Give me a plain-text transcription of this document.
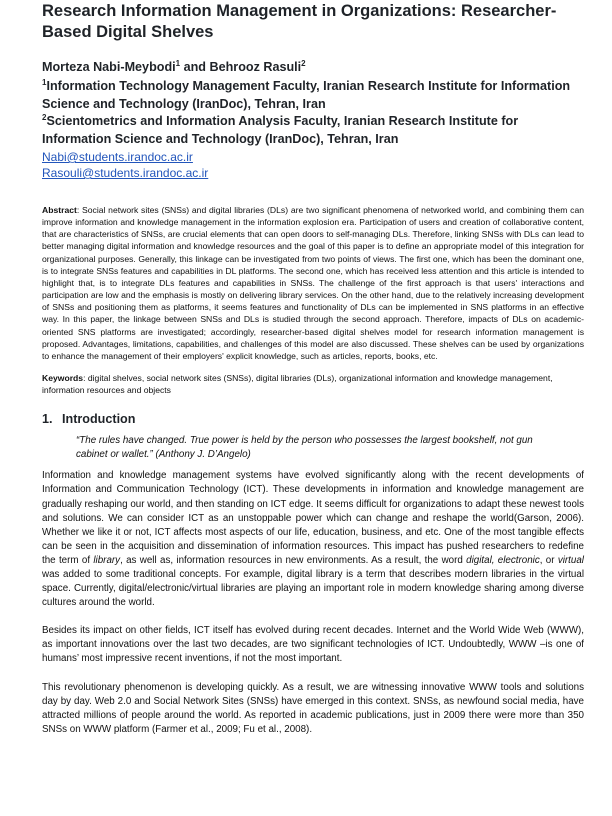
Research Information Management in Organizations: Researcher-
Based Digital Shelves
Morteza Nabi-Meybodi$^1$ and Behrooz Rasuli$^2$
$^1$Information Technology Management Faculty, Iranian Research Institute for Information
Science and Technology (IranDoc), Tehran, Iran
$^2$Scientometrics and Information Analysis Faculty, Iranian Research Institute for
Information Science and Technology (IranDoc), Tehran, Iran
Nabi@students.irandoc.ac.ir
Rasouli@students.irandoc.ac.ir
Abstract: Social network sites (SNSs) and digital libraries (DLs) are two significant phenomena of networked world, and combining them can improve information and knowledge management in the information explosion era. Participation of users and creation of collaborative content, that are characteristics of SNSs, are crucial elements that can open doors to self-managing DLs. Therefore, linking SNSs with DLs can lead to better managing digital information and knowledge resources and the goal of this paper is to define an appropriate model of this integration for organizational purposes. Generally, this linkage can be investigated from two points of views. The first one, which has been the dominant one, is to integrate SNSs features and capabilities in DL platforms. The second one, which has received less attention and this article is intended to highlight that, is to integrate DLs features and capabilities in SNSs. The challenge of the first approach is that users' interactions and participation are low and the emphasis is mostly on delivering library services. On the other hand, due to the relatively increasing development of SNSs and positioning them as platforms, it seems features and functionality of DLs can be implemented in SNS platforms in an effective way. In this paper, the linkage between SNSs and DLs is studied through the second approach. Therefore, impacts of DLs on academic-oriented SNS platforms are investigated; accordingly, researcher-based digital shelves model for research information management is proposed. Advantages, limitations, capabilities, and challenges of this model are also discussed. These shelves can be used by organizations to enhance the management of their employers' explicit knowledge, such as articles, reports, books, etc.
Keywords: digital shelves, social network sites (SNSs), digital libraries (DLs), organizational information and knowledge management, information resources and objects
1. Introduction
“The rules have changed. True power is held by the person who possesses the largest bookshelf, not gun cabinet or wallet.” (Anthony J. D’Angelo)

Information and knowledge management systems have evolved significantly along with the recent developments of Information and Communication Technology (ICT). These developments in information and knowledge management are gradually reshaping our world, and then standing on ICT edge. It seems difficult for organizations to adapt these newest tools and solutions. We can consider ICT as an unstoppable power which can change and reshape the world(Garson, 2006). Whether we like it or not, ICT affects most aspects of our life, education, business, and etc. One of the most tangible effects can be seen in the acquisition and dissemination of information resources. This impact has pushed researchers to redefine the term of library, as well as, information resources in new environments. As a result, the word digital, electronic, or virtual was added to some traditional concepts. For example, digital library is a term that describes modern libraries in the virtual space. Currently, digital/electronic/virtual libraries are playing an important role in modern knowledge sharing among diverse cultures around the world.

Besides its impact on other fields, ICT itself has evolved during recent decades. Internet and the World Wide Web (WWW), as important innovations over the last two decades, are two significant technologies of ICT. Undoubtedly, WWW –is one of humans’ most impressive recent inventions, if not the most important.

This revolutionary phenomenon is developing quickly. As a result, we are witnessing innovative WWW tools and solutions day by day. Web 2.0 and Social Network Sites (SNSs) have emerged in this context. SNSs, as newfound social media, have attracted millions of people around the world. As reported in academic publications, just in 2009 there were more than 350 SNSs on WWW platform (Farmer et al., 2009; Fu et al., 2008).
